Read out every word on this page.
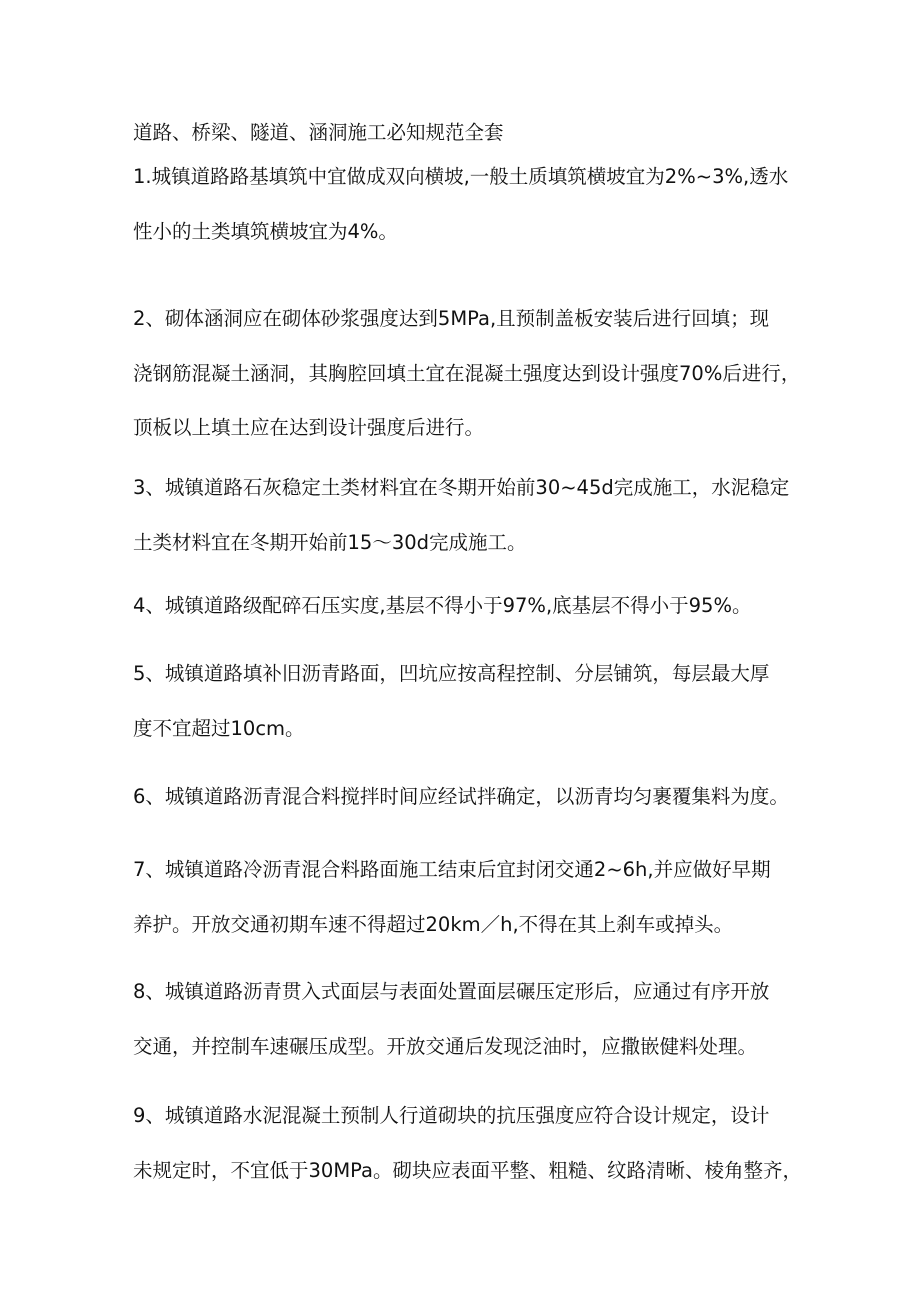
道路、桥梁、隧道、涵洞施工必知规范全套
1.城镇道路路基填筑中宜做成双向横坡,一般土质填筑横坡宜为2%~3%,透水
性小的土类填筑横坡宜为4%。
2、砌体涵洞应在砌体砂浆强度达到5MPa,且预制盖板安装后进行回填；现
浇钢筋混凝土涵洞，其胸腔回填土宜在混凝土强度达到设计强度70%后进行，
顶板以上填土应在达到设计强度后进行。
3、城镇道路石灰稳定土类材料宜在冬期开始前30~45d完成施工，水泥稳定
土类材料宜在冬期开始前15～30d完成施工。
4、城镇道路级配碎石压实度,基层不得小于97%,底基层不得小于95%。
5、城镇道路填补旧沥青路面，凹坑应按高程控制、分层铺筑，每层最大厚
度不宜超过10cm。
6、城镇道路沥青混合料搅拌时间应经试拌确定，以沥青均匀裹覆集料为度。
7、城镇道路冷沥青混合料路面施工结束后宜封闭交通2~6h,并应做好早期
养护。开放交通初期车速不得超过20km／h,不得在其上刹车或掉头。
8、城镇道路沥青贯入式面层与表面处置面层碾压定形后，应通过有序开放
交通，并控制车速碾压成型。开放交通后发现泛油时，应撒嵌健料处理。
9、城镇道路水泥混凝土预制人行道砌块的抗压强度应符合设计规定，设计
未规定时，不宜低于30MPa。砌块应表面平整、粗糙、纹路清晰、棱角整齐，
